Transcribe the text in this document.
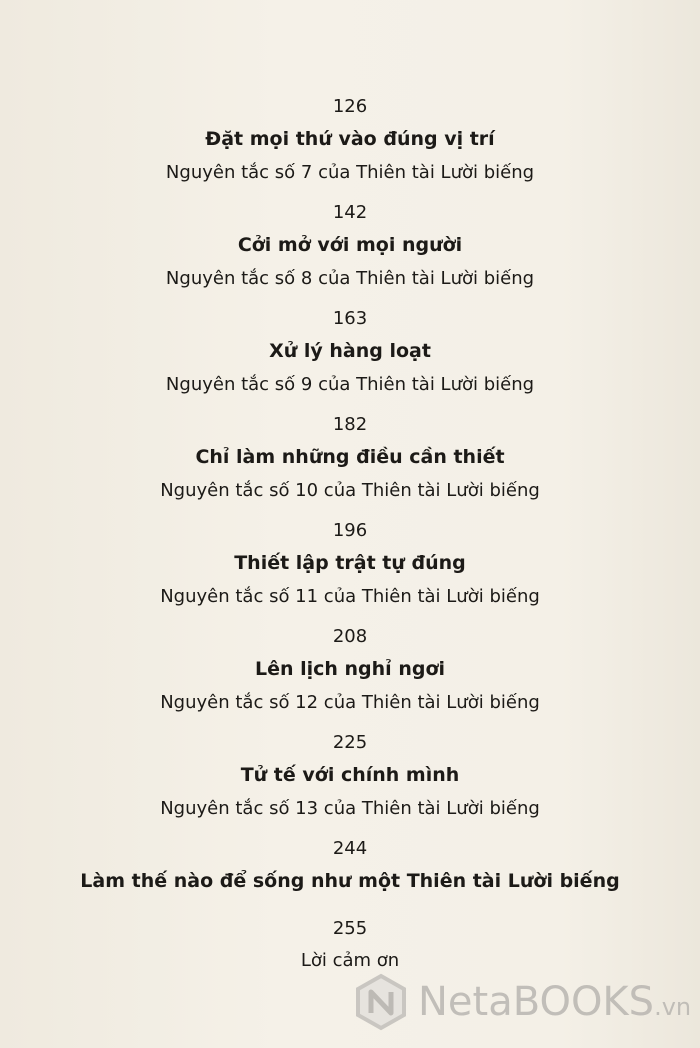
126
Đặt mọi thứ vào đúng vị trí
Nguyên tắc số 7 của Thiên tài Lười biếng
142
Cởi mở với mọi người
Nguyên tắc số 8 của Thiên tài Lười biếng
163
Xử lý hàng loạt
Nguyên tắc số 9 của Thiên tài Lười biếng
182
Chỉ làm những điều cần thiết
Nguyên tắc số 10 của Thiên tài Lười biếng
196
Thiết lập trật tự đúng
Nguyên tắc số 11 của Thiên tài Lười biếng
208
Lên lịch nghỉ ngơi
Nguyên tắc số 12 của Thiên tài Lười biếng
225
Tử tế với chính mình
Nguyên tắc số 13 của Thiên tài Lười biếng
244
Làm thế nào để sống như một Thiên tài Lười biếng
255
Lời cảm ơn
NetaBOOKS.vn
